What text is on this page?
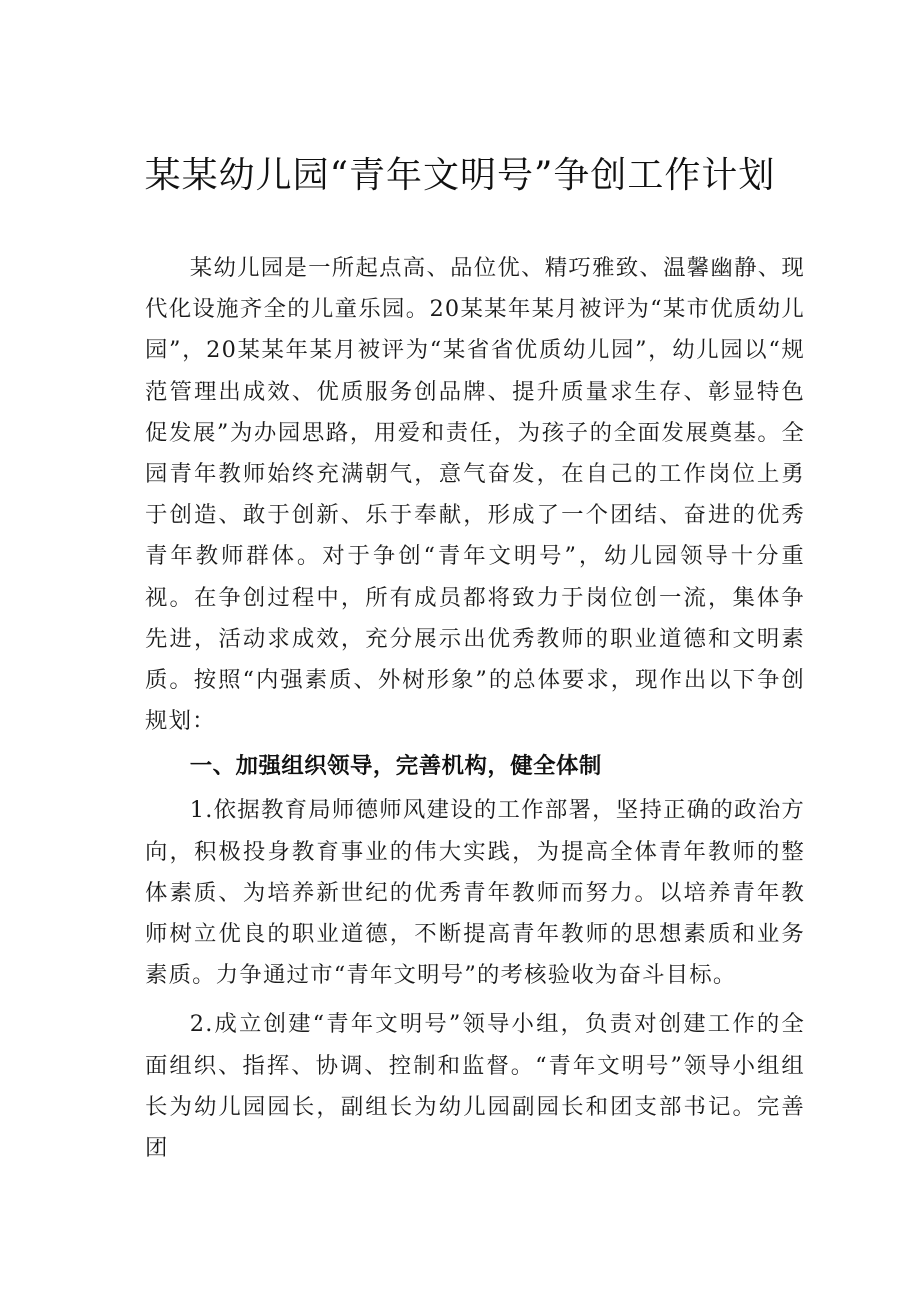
某某幼儿园“青年文明号”争创工作计划

某幼儿园是一所起点高、品位优、精巧雅致、温馨幽静、现代化设施齐全的儿童乐园。20某某年某月被评为“某市优质幼儿园”，20某某年某月被评为“某省省优质幼儿园”，幼儿园以“规范管理出成效、优质服务创品牌、提升质量求生存、彰显特色促发展”为办园思路，用爱和责任，为孩子的全面发展奠基。全园青年教师始终充满朝气，意气奋发，在自己的工作岗位上勇于创造、敢于创新、乐于奉献，形成了一个团结、奋进的优秀青年教师群体。对于争创“青年文明号”，幼儿园领导十分重视。在争创过程中，所有成员都将致力于岗位创一流，集体争先进，活动求成效，充分展示出优秀教师的职业道德和文明素质。按照“内强素质、外树形象”的总体要求，现作出以下争创规划：

一、加强组织领导，完善机构，健全体制

1.依据教育局师德师风建设的工作部署，坚持正确的政治方向，积极投身教育事业的伟大实践，为提高全体青年教师的整体素质、为培养新世纪的优秀青年教师而努力。以培养青年教师树立优良的职业道德，不断提高青年教师的思想素质和业务素质。力争通过市“青年文明号”的考核验收为奋斗目标。

2.成立创建“青年文明号”领导小组，负责对创建工作的全面组织、指挥、协调、控制和监督。“青年文明号”领导小组组长为幼儿园园长，副组长为幼儿园副园长和团支部书记。完善团
